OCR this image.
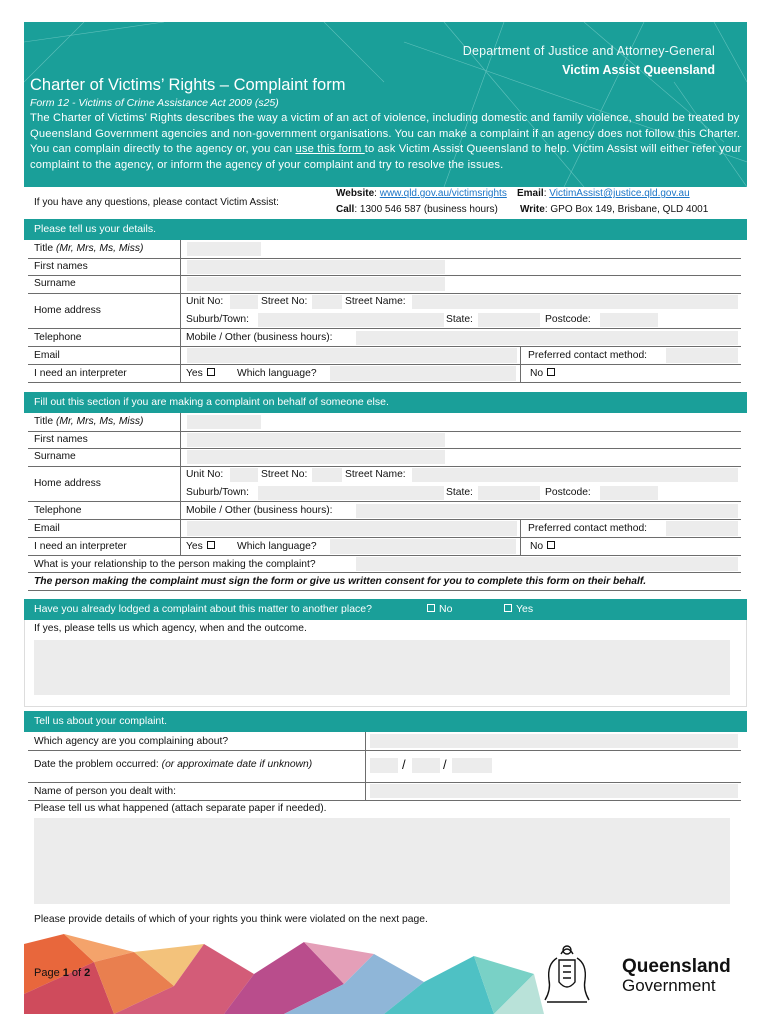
Department of Justice and Attorney-General
Victim Assist Queensland
Charter of Victims’ Rights – Complaint form
Form 12 - Victims of Crime Assistance Act 2009 (s25)
The Charter of Victims’ Rights describes the way a victim of an act of violence, including domestic and family violence, should be treated by Queensland Government agencies and non-government organisations. You can make a complaint if an agency does not follow this Charter. You can complain directly to the agency or, you can use this form to ask Victim Assist Queensland to help. Victim Assist will either refer your complaint to the agency, or inform the agency of your complaint and try to resolve the issues.
If you have any questions, please contact Victim Assist:
Website: www.qld.gov.au/victimsrights Email: VictimAssist@justice.qld.gov.au
Call: 1300 546 587 (business hours) Write: GPO Box 149, Brisbane, QLD 4001
Please tell us your details.
Title (Mr, Mrs, Ms, Miss)
First names
Surname
Home address
Unit No:	Street No:	Street Name:
Suburb/Town:	State:	Postcode:
Telephone	Mobile / Other (business hours):
Email	Preferred contact method:
I need an interpreter	Yes	Which language?	No
Fill out this section if you are making a complaint on behalf of someone else.
Title (Mr, Mrs, Ms, Miss)
First names
Surname
Home address
Unit No:	Street No:	Street Name:
Suburb/Town:	State:	Postcode:
Telephone	Mobile / Other (business hours):
Email	Preferred contact method:
I need an interpreter	Yes	Which language?	No
What is your relationship to the person making the complaint?
The person making the complaint must sign the form or give us written consent for you to complete this form on their behalf.
Have you already lodged a complaint about this matter to another place?	No	Yes
If yes, please tells us which agency, when and the outcome.
Tell us about your complaint.
Which agency are you complaining about?
Date the problem occurred: (or approximate date if unknown)	/	/
Name of person you dealt with:
Please tell us what happened (attach separate paper if needed).
Please provide details of which of your rights you think were violated on the next page.
Page 1 of 2	Queensland
Government
